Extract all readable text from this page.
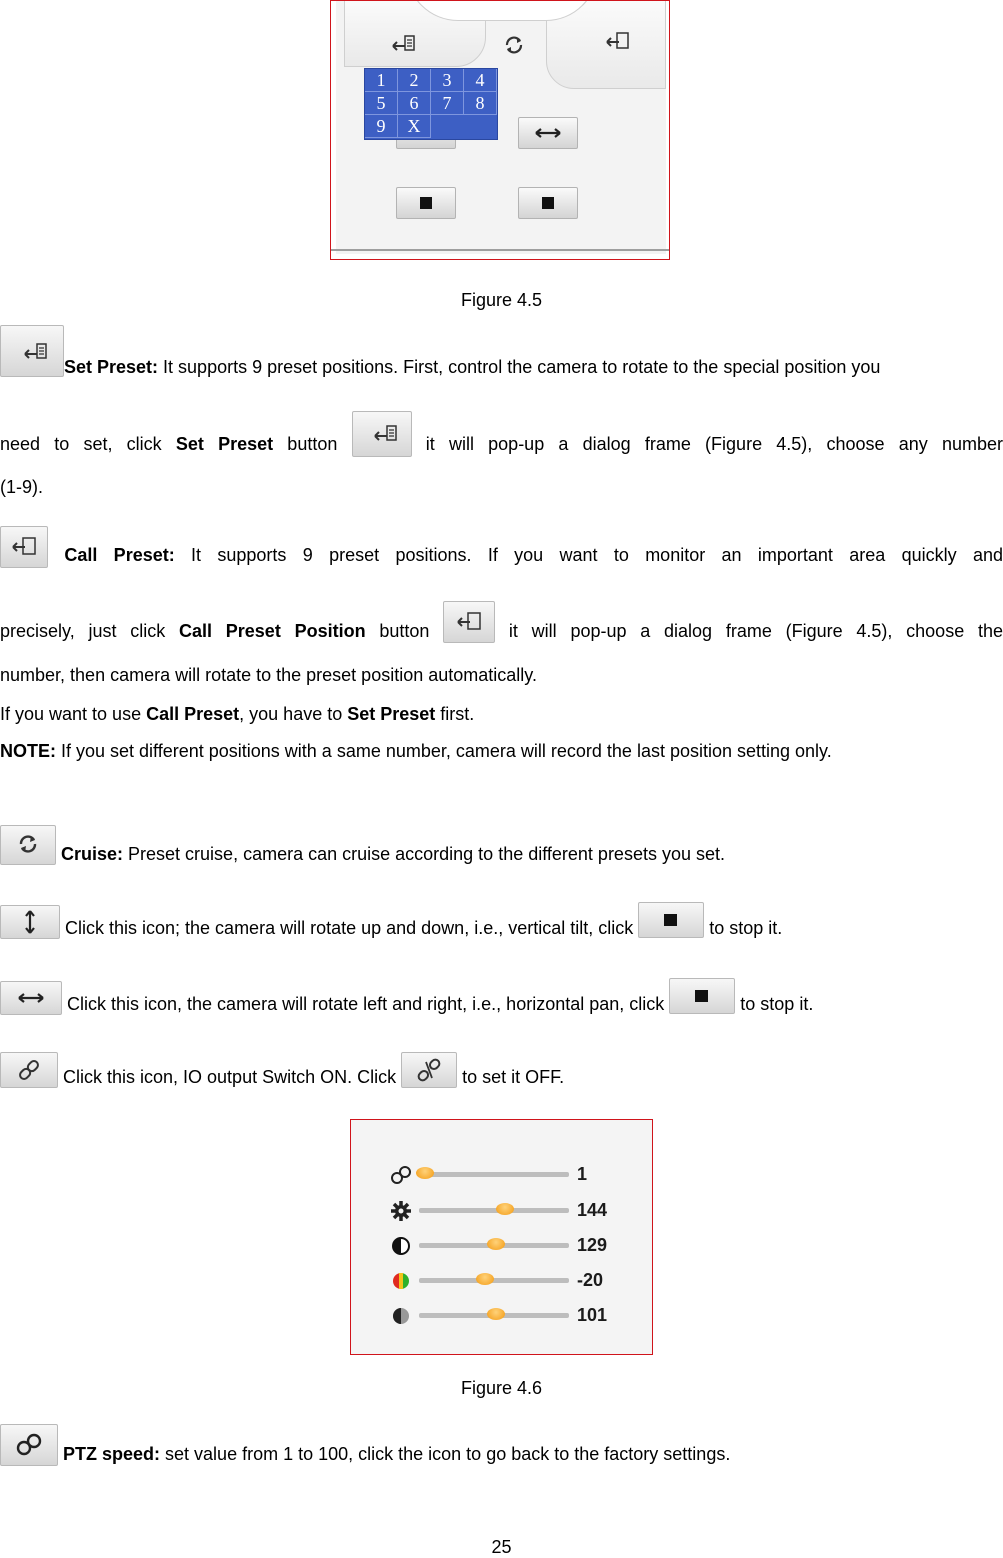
1	2	3	4
5	6	7	8
9	X
Figure 4.5
Set Preset: It supports 9 preset positions. First, control the camera to rotate to the special position you
need to set, click Set Preset button	it will pop-up a dialog frame (Figure 4.5), choose any number
(1-9).
Call Preset: It supports 9 preset positions. If you want to monitor an important area quickly and
precisely, just click Call Preset Position button	it will pop-up a dialog frame (Figure 4.5), choose the
number, then camera will rotate to the preset position automatically.
If you want to use Call Preset, you have to Set Preset first.
NOTE: If you set different positions with a same number, camera will record the last position setting only.
Cruise: Preset cruise, camera can cruise according to the different presets you set.
Click this icon; the camera will rotate up and down, i.e., vertical tilt, click	to stop it.
Click this icon, the camera will rotate left and right, i.e., horizontal pan, click	to stop it.
Click this icon, IO output Switch ON. Click	to set it OFF.
1
144
129
-20
101
Figure 4.6
PTZ speed: set value from 1 to 100, click the icon to go back to the factory settings.
25
